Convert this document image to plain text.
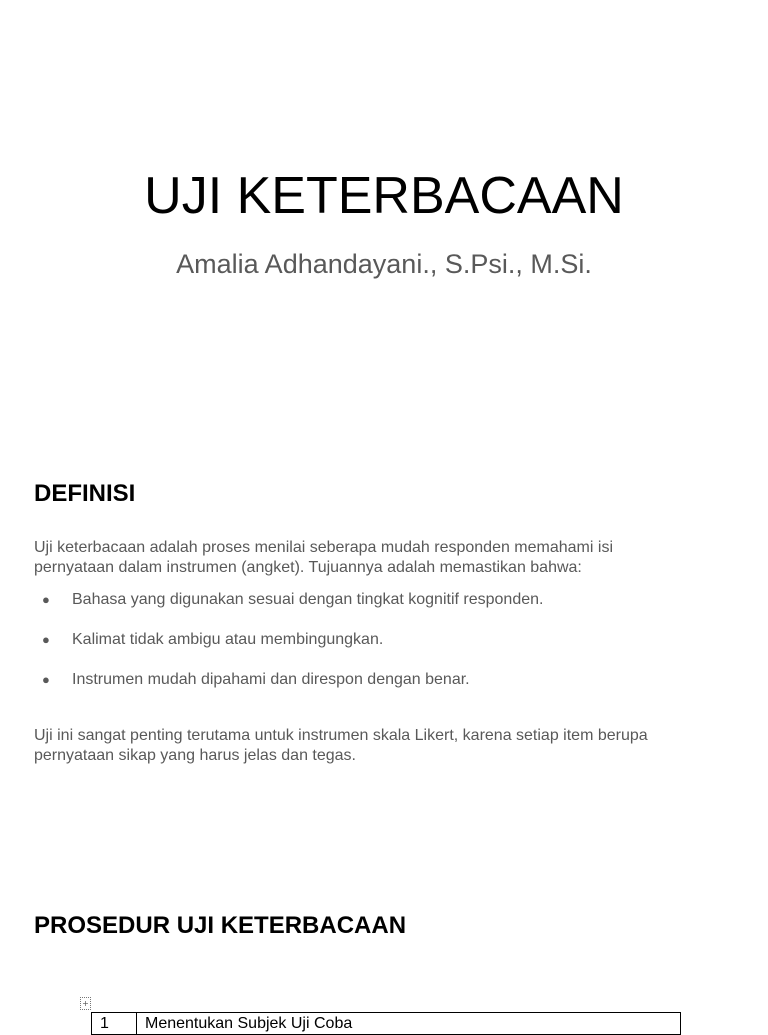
UJI KETERBACAAN

Amalia Adhandayani., S.Psi., M.Si.

DEFINISI

Uji keterbacaan adalah proses menilai seberapa mudah responden memahami isi
pernyataan dalam instrumen (angket). Tujuannya adalah memastikan bahwa:

● Bahasa yang digunakan sesuai dengan tingkat kognitif responden.
● Kalimat tidak ambigu atau membingungkan.
● Instrumen mudah dipahami dan direspon dengan benar.

Uji ini sangat penting terutama untuk instrumen skala Likert, karena setiap item berupa
pernyataan sikap yang harus jelas dan tegas.

PROSEDUR UJI KETERBACAAN
+
1	Menentukan Subjek Uji Coba
